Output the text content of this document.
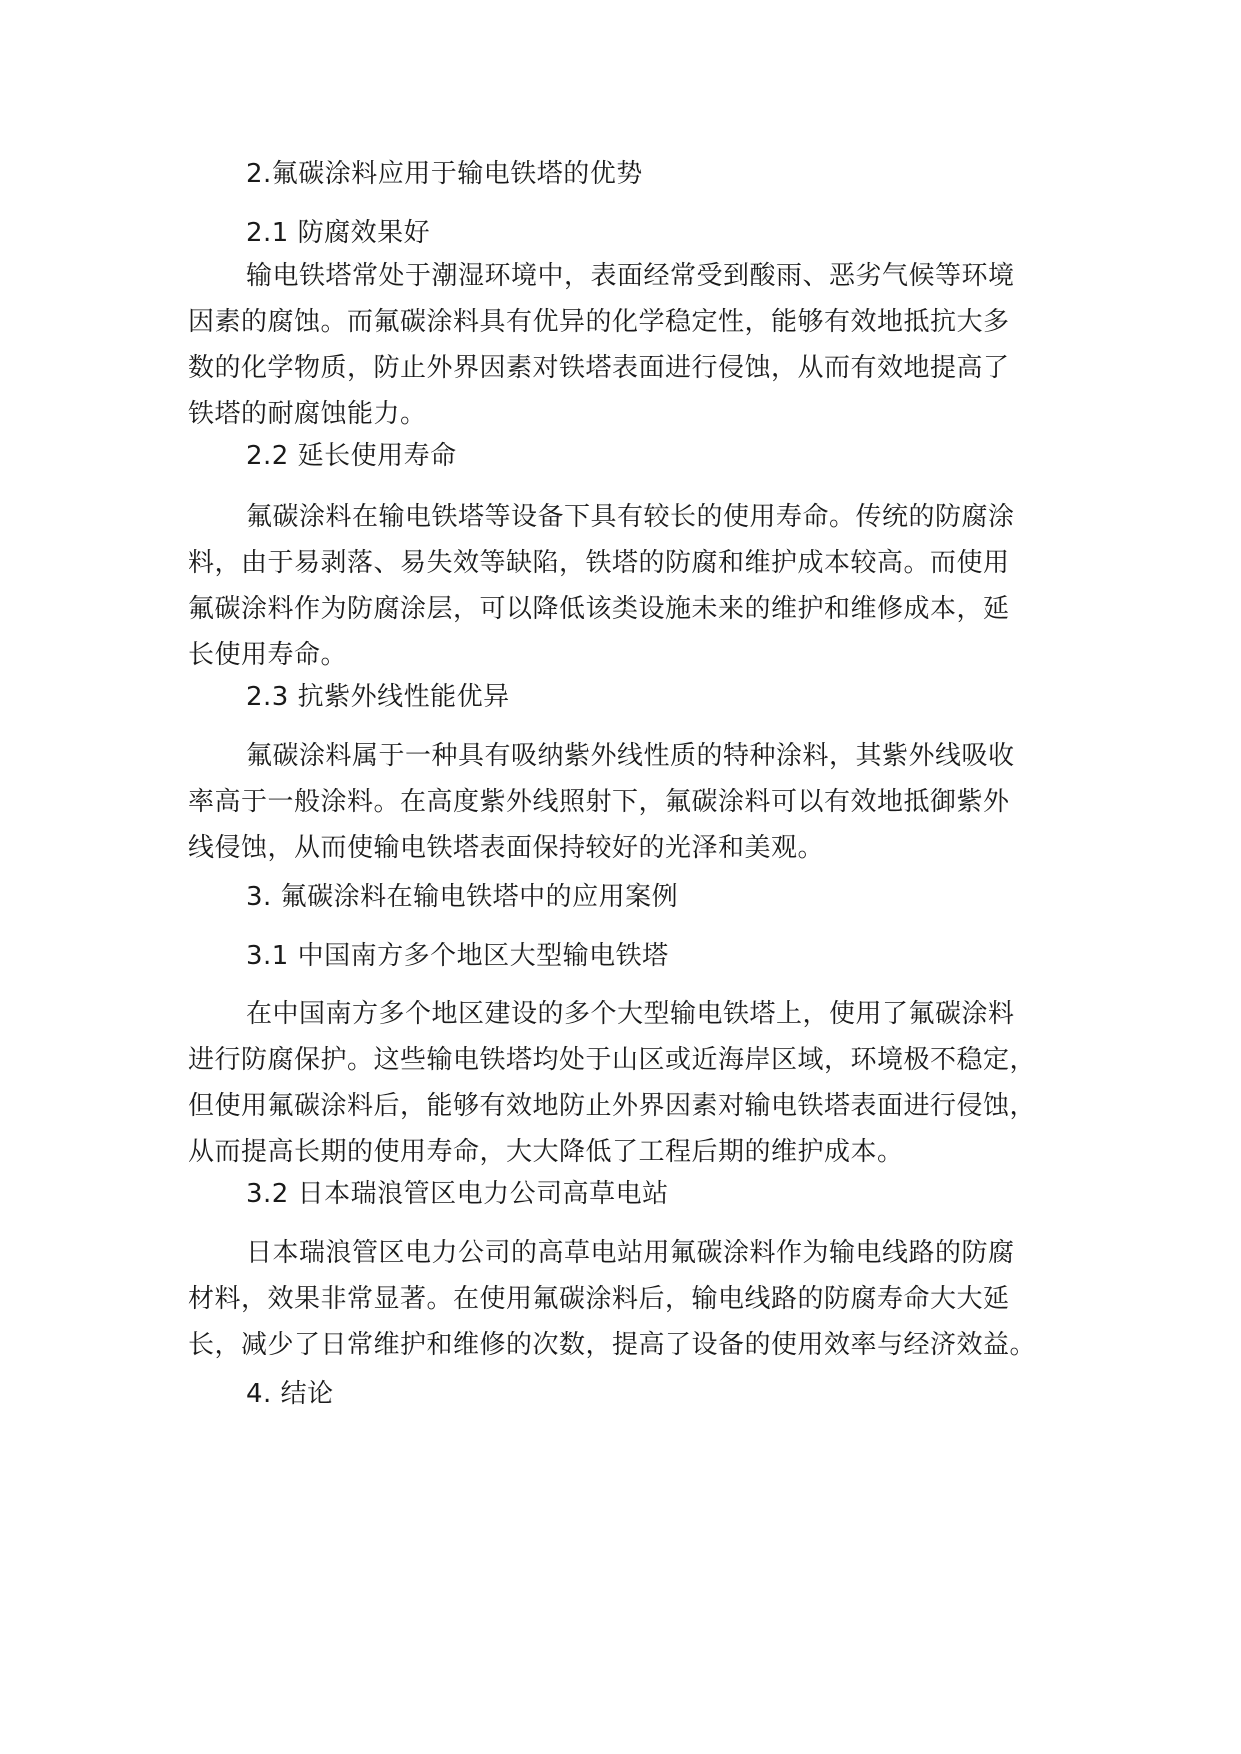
2.氟碳涂料应用于输电铁塔的优势

2.1 防腐效果好

输电铁塔常处于潮湿环境中，表面经常受到酸雨、恶劣气候等环境
因素的腐蚀。而氟碳涂料具有优异的化学稳定性，能够有效地抵抗大多
数的化学物质，防止外界因素对铁塔表面进行侵蚀，从而有效地提高了
铁塔的耐腐蚀能力。

2.2 延长使用寿命

氟碳涂料在输电铁塔等设备下具有较长的使用寿命。传统的防腐涂
料，由于易剥落、易失效等缺陷，铁塔的防腐和维护成本较高。而使用
氟碳涂料作为防腐涂层，可以降低该类设施未来的维护和维修成本，延
长使用寿命。

2.3 抗紫外线性能优异

氟碳涂料属于一种具有吸纳紫外线性质的特种涂料，其紫外线吸收
率高于一般涂料。在高度紫外线照射下，氟碳涂料可以有效地抵御紫外
线侵蚀，从而使输电铁塔表面保持较好的光泽和美观。

3. 氟碳涂料在输电铁塔中的应用案例

3.1 中国南方多个地区大型输电铁塔

在中国南方多个地区建设的多个大型输电铁塔上，使用了氟碳涂料
进行防腐保护。这些输电铁塔均处于山区或近海岸区域，环境极不稳定，
但使用氟碳涂料后，能够有效地防止外界因素对输电铁塔表面进行侵蚀，
从而提高长期的使用寿命，大大降低了工程后期的维护成本。

3.2 日本瑞浪管区电力公司高草电站

日本瑞浪管区电力公司的高草电站用氟碳涂料作为输电线路的防腐
材料，效果非常显著。在使用氟碳涂料后，输电线路的防腐寿命大大延
长，减少了日常维护和维修的次数，提高了设备的使用效率与经济效益。

4. 结论
